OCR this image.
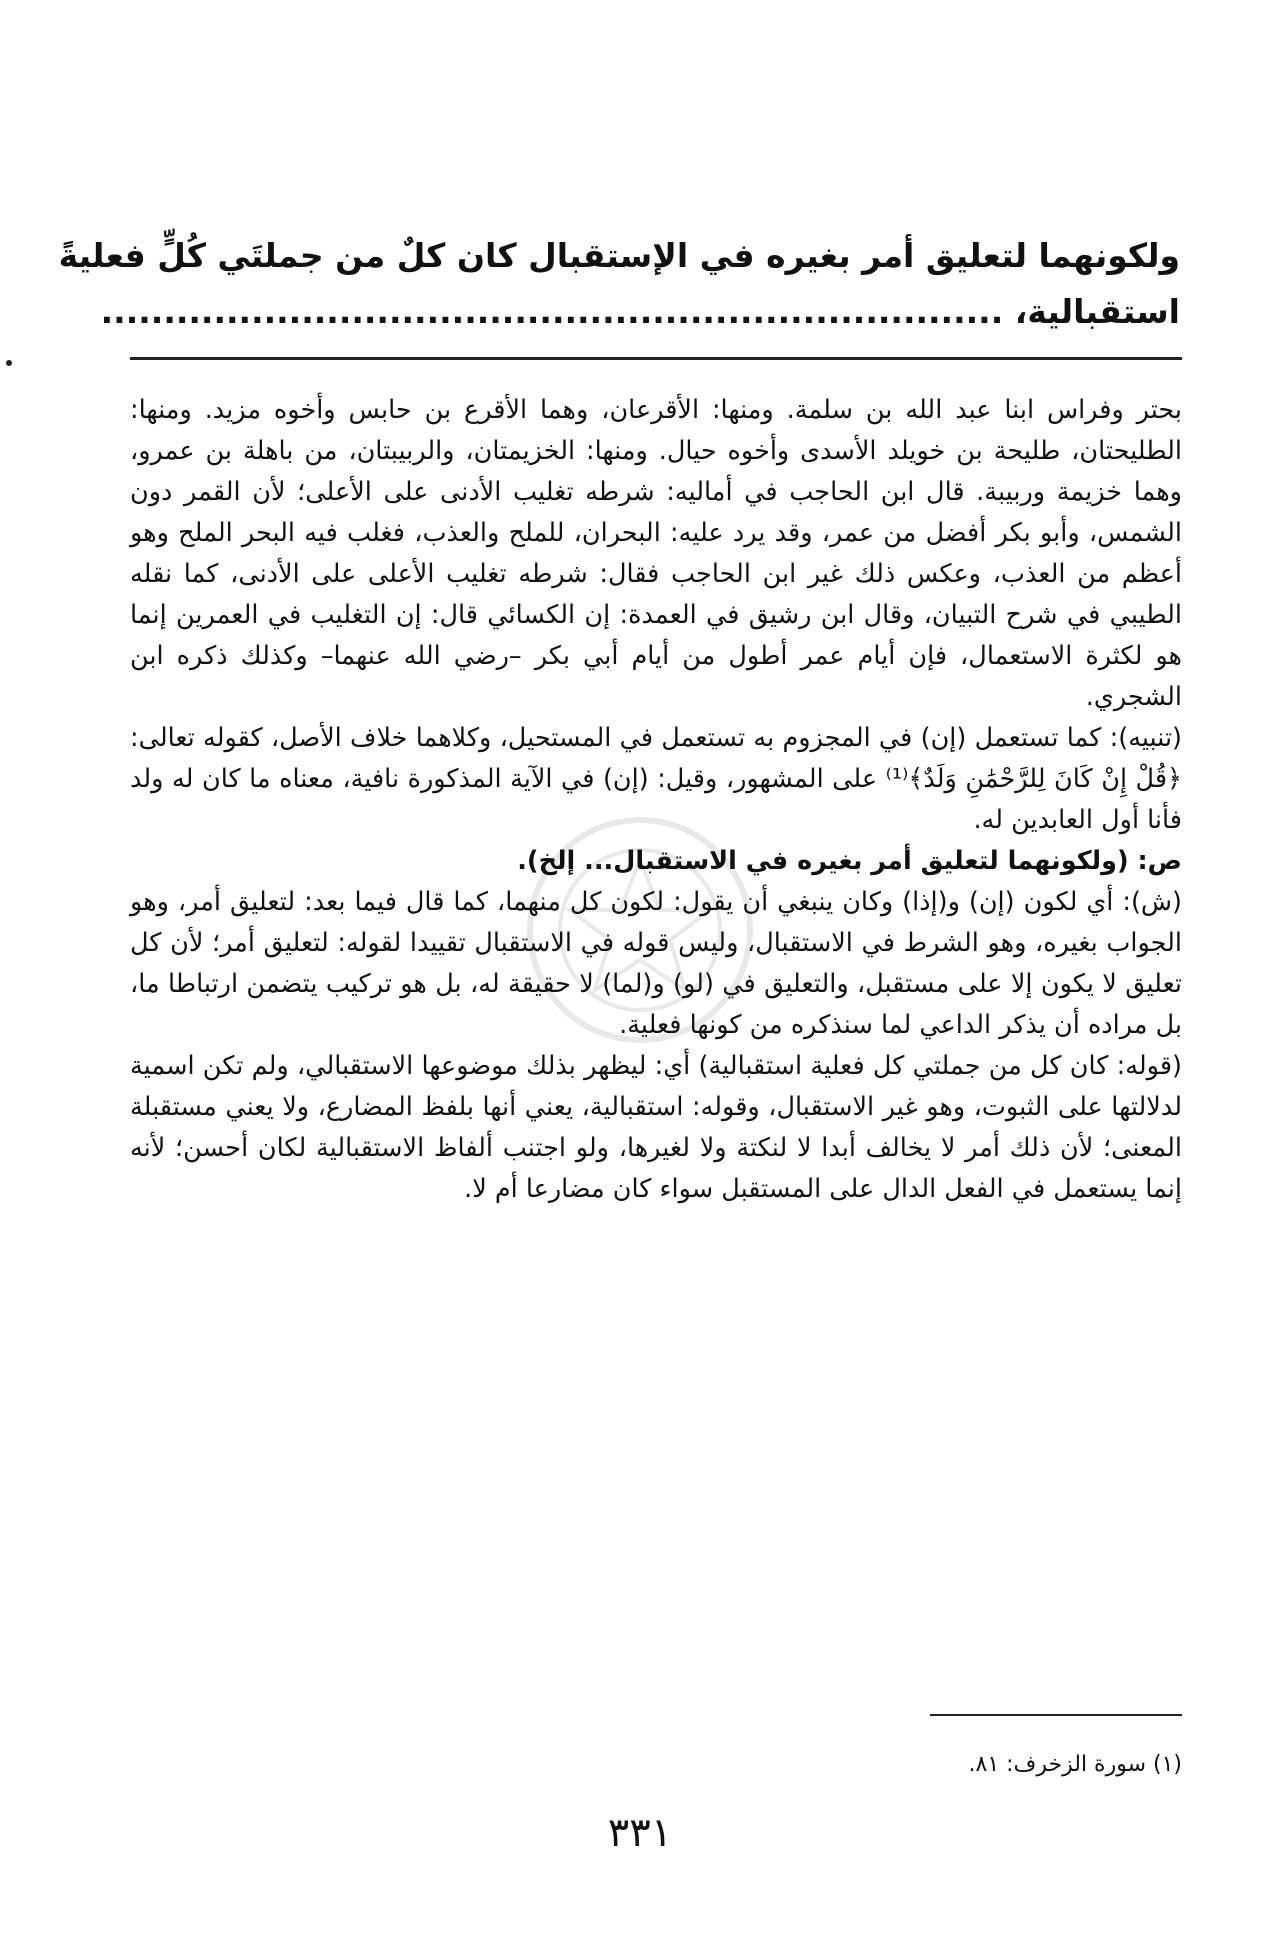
ولكونهما لتعليق أمر بغيره في الإستقبال كان كلٌ من جملتَي كُلٍّ فعليةً
استقبالية، ........................................................................

بحتر وفراس ابنا عبد الله بن سلمة. ومنها: الأقرعان، وهما الأقرع بن حابس وأخوه مزيد. ومنها: الطليحتان، طليحة بن خويلد الأسدى وأخوه حيال. ومنها: الخزيمتان، والربيبتان، من باهلة بن عمرو، وهما خزيمة وربيبة. قال ابن الحاجب في أماليه: شرطه تغليب الأدنى على الأعلى؛ لأن القمر دون الشمس، وأبو بكر أفضل من عمر، وقد يرد عليه: البحران، للملح والعذب، فغلب فيه البحر الملح وهو أعظم من العذب، وعكس ذلك غير ابن الحاجب فقال: شرطه تغليب الأعلى على الأدنى، كما نقله الطيبي في شرح التبيان، وقال ابن رشيق في العمدة: إن الكسائي قال: إن التغليب في العمرين إنما هو لكثرة الاستعمال، فإن أيام عمر أطول من أيام أبي بكر –رضي الله عنهما– وكذلك ذكره ابن الشجري.

(تنبيه): كما تستعمل (إن) في المجزوم به تستعمل في المستحيل، وكلاهما خلاف الأصل، كقوله تعالى: ﴿قُلْ إِنْ كَانَ لِلرَّحْمَٰنِ وَلَدٌ﴾⁽¹⁾ على المشهور، وقيل: (إن) في الآية المذكورة نافية، معناه ما كان له ولد فأنا أول العابدين له.

ص: (ولكونهما لتعليق أمر بغيره في الاستقبال... إلخ).

(ش): أي لكون (إن) و(إذا) وكان ينبغي أن يقول: لكون كل منهما، كما قال فيما بعد: لتعليق أمر، وهو الجواب بغيره، وهو الشرط في الاستقبال، وليس قوله في الاستقبال تقييدا لقوله: لتعليق أمر؛ لأن كل تعليق لا يكون إلا على مستقبل، والتعليق في (لو) و(لما) لا حقيقة له، بل هو تركيب يتضمن ارتباطا ما، بل مراده أن يذكر الداعي لما سنذكره من كونها فعلية.

(قوله: كان كل من جملتي كل فعلية استقبالية) أي: ليظهر بذلك موضوعها الاستقبالي، ولم تكن اسمية لدلالتها على الثبوت، وهو غير الاستقبال، وقوله: استقبالية، يعني أنها بلفظ المضارع، ولا يعني مستقبلة المعنى؛ لأن ذلك أمر لا يخالف أبدا لا لنكتة ولا لغيرها، ولو اجتنب ألفاظ الاستقبالية لكان أحسن؛ لأنه إنما يستعمل في الفعل الدال على المستقبل سواء كان مضارعا أم لا.

(١) سورة الزخرف: ٨١.
٣٣١
